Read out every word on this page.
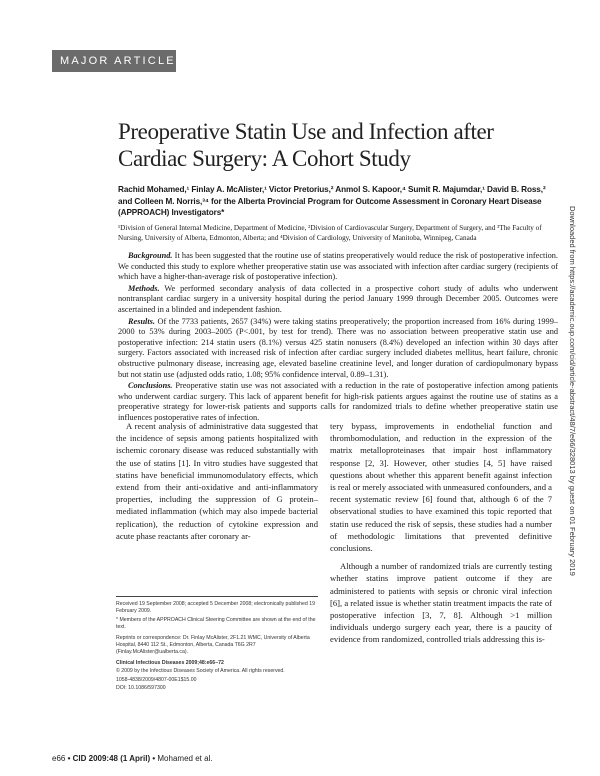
MAJOR ARTICLE
Preoperative Statin Use and Infection after Cardiac Surgery: A Cohort Study
Rachid Mohamed,¹ Finlay A. McAlister,¹ Victor Pretorius,² Anmol S. Kapoor,⁴ Sumit R. Majumdar,¹ David B. Ross,² and Colleen M. Norris,³⁴ for the Alberta Provincial Program for Outcome Assessment in Coronary Heart Disease (APPROACH) Investigators*
¹Division of General Internal Medicine, Department of Medicine, ²Division of Cardiovascular Surgery, Department of Surgery, and ³The Faculty of Nursing, University of Alberta, Edmonton, Alberta; and ⁴Division of Cardiology, University of Manitoba, Winnipeg, Canada

Background. It has been suggested that the routine use of statins preoperatively would reduce the risk of postoperative infection. We conducted this study to explore whether preoperative statin use was associated with infection after cardiac surgery (recipients of which have a higher-than-average risk of postoperative infection).

Methods. We performed secondary analysis of data collected in a prospective cohort study of adults who underwent nontransplant cardiac surgery in a university hospital during the period January 1999 through December 2005. Outcomes were ascertained in a blinded and independent fashion.

Results. Of the 7733 patients, 2657 (34%) were taking statins preoperatively; the proportion increased from 16% during 1999–2000 to 53% during 2003–2005 (P<.001, by test for trend). There was no association between preoperative statin use and postoperative infection: 214 statin users (8.1%) versus 425 statin nonusers (8.4%) developed an infection within 30 days after surgery. Factors associated with increased risk of infection after cardiac surgery included diabetes mellitus, heart failure, chronic obstructive pulmonary disease, increasing age, elevated baseline creatinine level, and longer duration of cardiopulmonary bypass but not statin use (adjusted odds ratio, 1.08; 95% confidence interval, 0.89–1.31).

Conclusions. Preoperative statin use was not associated with a reduction in the rate of postoperative infection among patients who underwent cardiac surgery. This lack of apparent benefit for high-risk patients argues against the routine use of statins as a preoperative strategy for lower-risk patients and supports calls for randomized trials to define whether preoperative statin use influences postoperative rates of infection.

A recent analysis of administrative data suggested that the incidence of sepsis among patients hospitalized with ischemic coronary disease was reduced substantially with the use of statins [1]. In vitro studies have suggested that statins have beneficial immunomodulatory effects, which extend from their anti-oxidative and anti-inflammatory properties, including the suppression of G protein–mediated inflammation (which may also impede bacterial replication), the reduction of cytokine expression and acute phase reactants after coronary ar-

tery bypass, improvements in endothelial function and thrombomodulation, and reduction in the expression of the matrix metalloproteinases that impair host inflammatory response [2, 3]. However, other studies [4, 5] have raised questions about whether this apparent benefit against infection is real or merely associated with unmeasured confounders, and a recent systematic review [6] found that, although 6 of the 7 observational studies to have examined this topic reported that statin use reduced the risk of sepsis, these studies had a number of methodologic limitations that prevented definitive conclusions.

Although a number of randomized trials are currently testing whether statins improve patient outcome if they are administered to patients with sepsis or chronic viral infection [6], a related issue is whether statin treatment impacts the rate of postoperative infection [3, 7, 8]. Although >1 million individuals undergo surgery each year, there is a paucity of evidence from randomized, controlled trials addressing this is-

Received 19 September 2008; accepted 5 December 2008; electronically published 19 February 2009.

* Members of the APPROACH Clinical Steering Committee are shown at the end of the text.

Reprints or correspondence: Dr. Finlay McAlister, 2F1.21 WMC, University of Alberta Hospital, 8440 112 St., Edmonton, Alberta, Canada T6G 2R7 (Finlay.McAlister@ualberta.ca).

Clinical Infectious Diseases 2009;48:e66–72

© 2009 by the Infectious Diseases Society of America. All rights reserved.

1058-4838/2009/4807-00E1$15.00

DOI: 10.1086/597300

e66 • CID 2009:48 (1 April) • Mohamed et al.
Downloaded from https://academic.oup.com/cid/article-abstract/48/7/e66/328013 by guest on 01 February 2019
